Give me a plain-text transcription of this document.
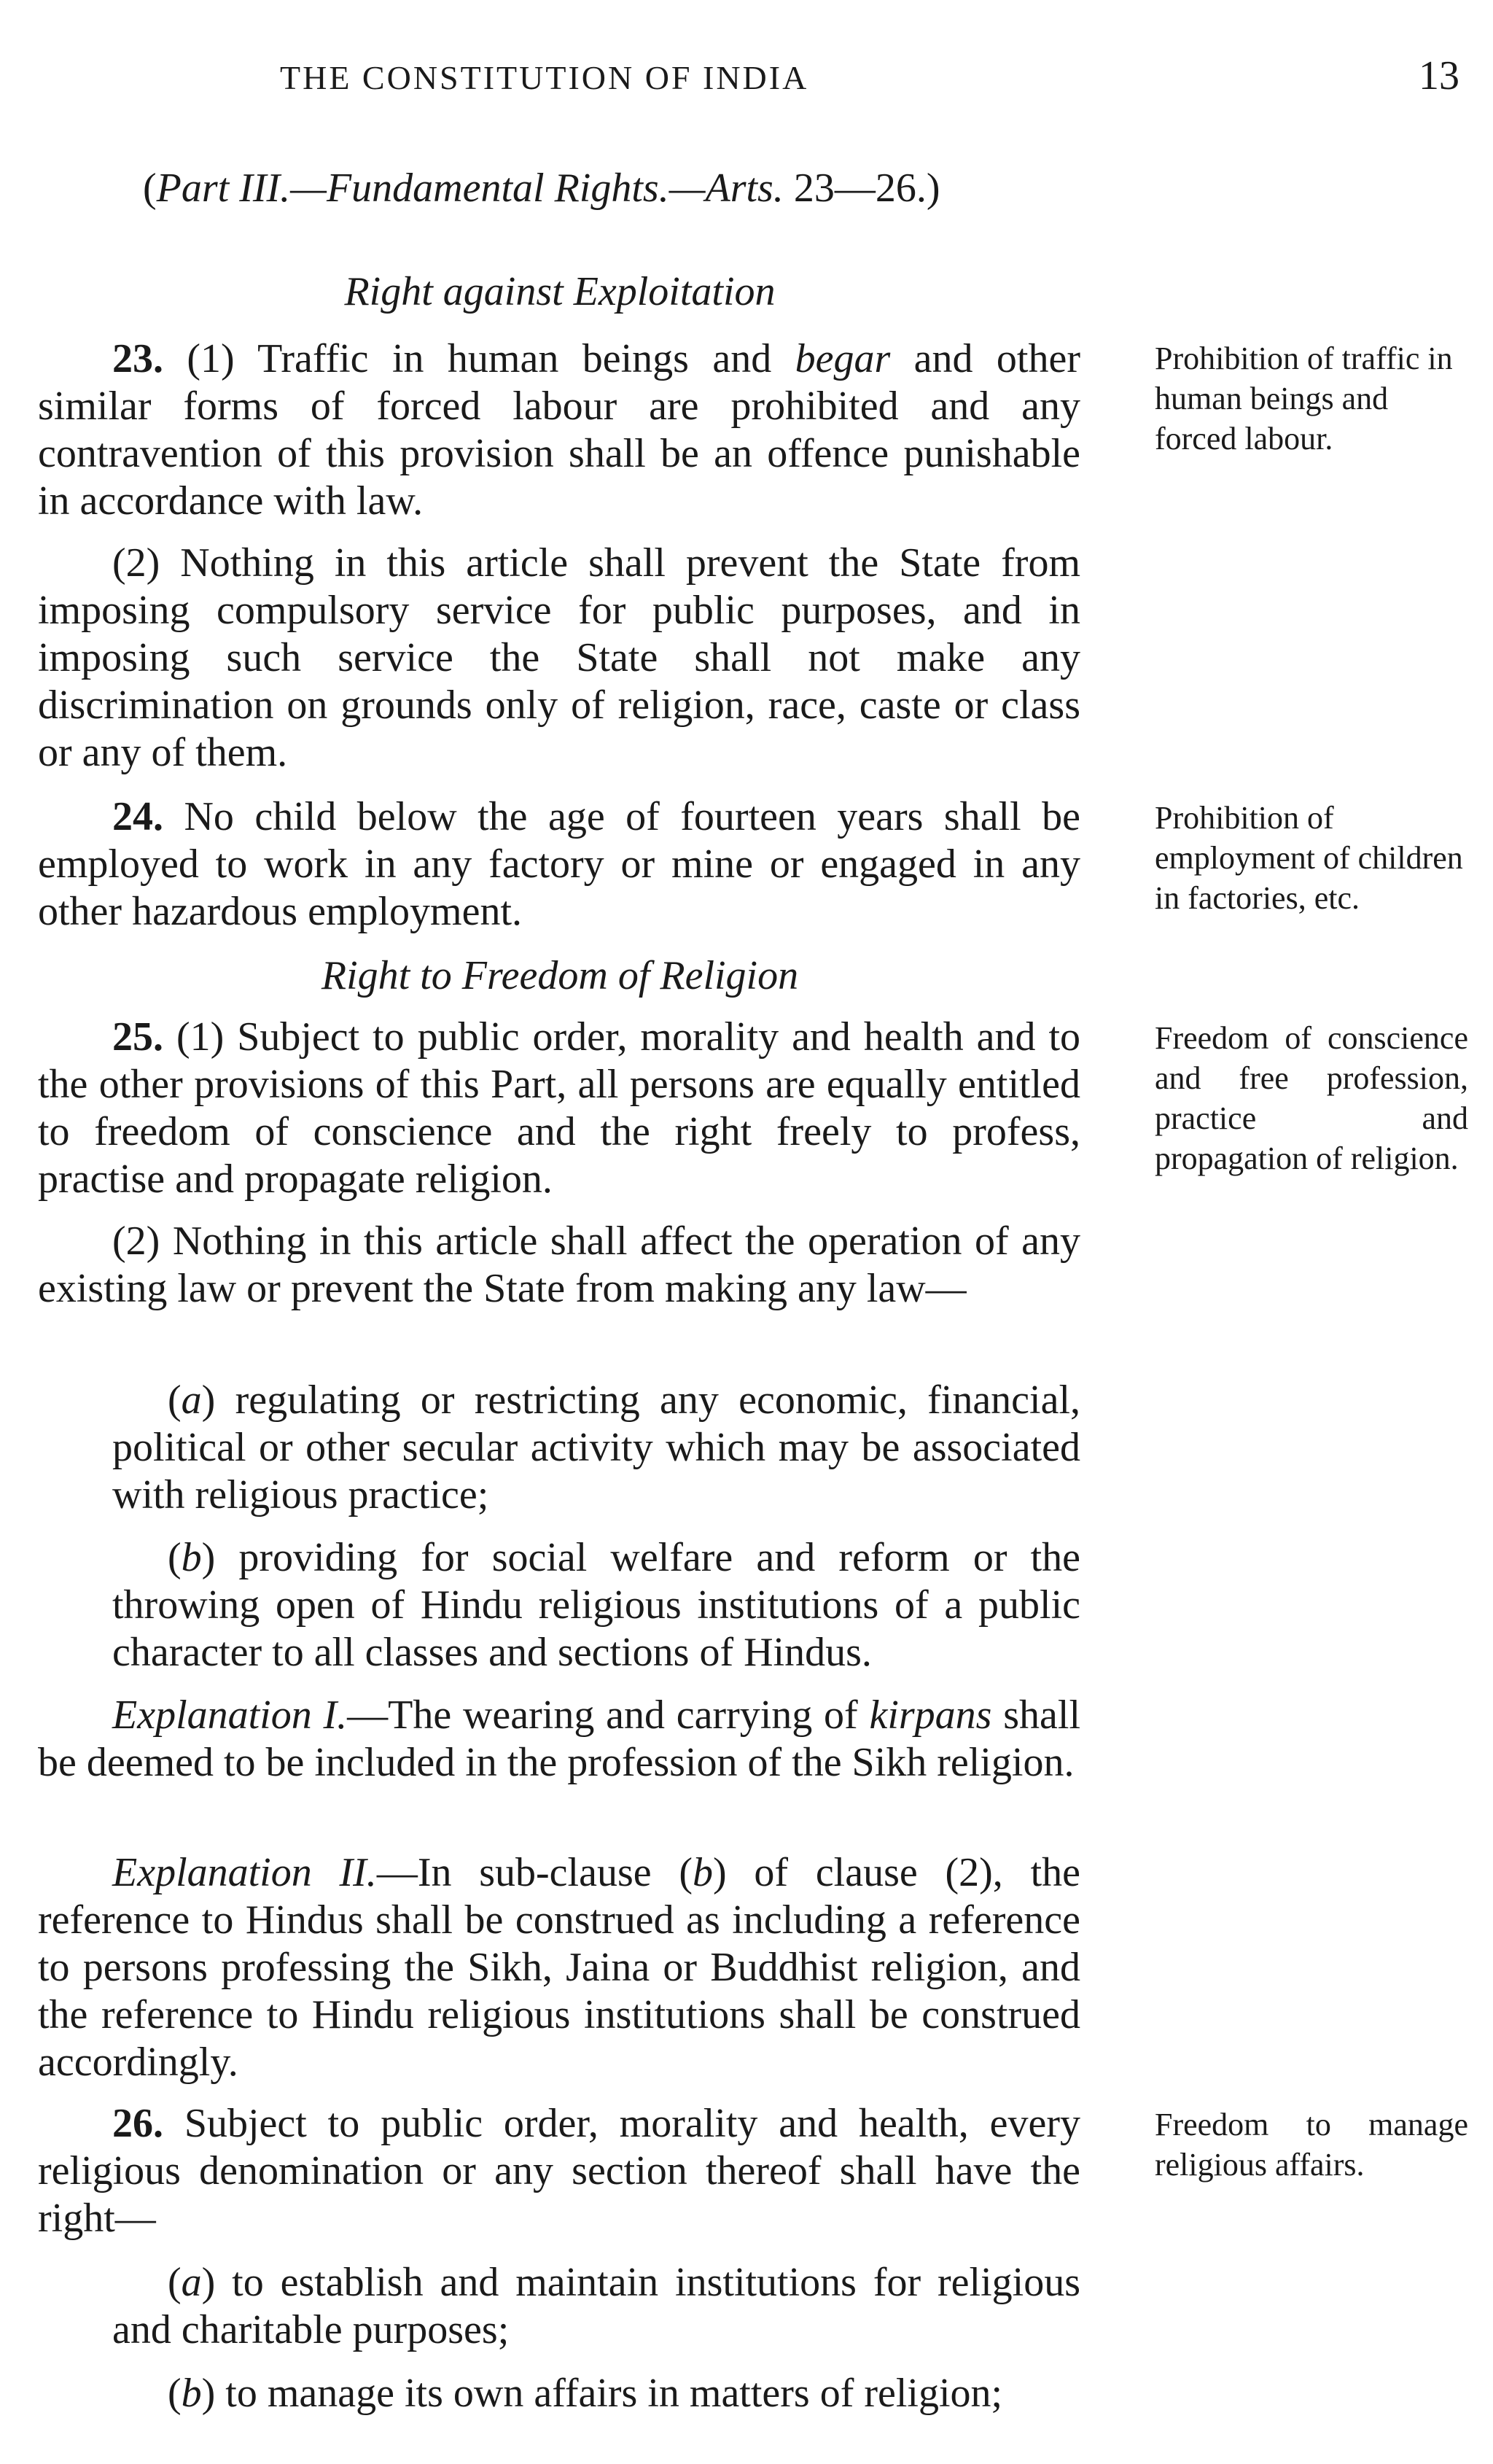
THE CONSTITUTION OF INDIA	13
(Part III.—Fundamental Rights.—Arts. 23—26.)
Right against Exploitation
23. (1) Traffic in human beings and begar and other similar forms of forced labour are prohibited and any contravention of this provision shall be an offence punishable in accordance with law.
Prohibition of traffic in human beings and forced labour.
(2) Nothing in this article shall prevent the State from imposing compulsory service for public purposes, and in imposing such service the State shall not make any discrimination on grounds only of religion, race, caste or class or any of them.
24. No child below the age of fourteen years shall be employed to work in any factory or mine or engaged in any other hazardous employment.
Prohibition of employment of children in factories, etc.
Right to Freedom of Religion
25. (1) Subject to public order, morality and health and to the other provisions of this Part, all persons are equally entitled to freedom of conscience and the right freely to profess, practise and propagate religion.
Freedom of conscience and free profession, practice and propagation of religion.
(2) Nothing in this article shall affect the operation of any existing law or prevent the State from making any law—
(a) regulating or restricting any economic, financial, political or other secular activity which may be associated with religious practice;
(b) providing for social welfare and reform or the throwing open of Hindu religious institutions of a public character to all classes and sections of Hindus.
Explanation I.—The wearing and carrying of kirpans shall be deemed to be included in the profession of the Sikh religion.
Explanation II.—In sub-clause (b) of clause (2), the reference to Hindus shall be construed as including a reference to persons professing the Sikh, Jaina or Buddhist religion, and the reference to Hindu religious institutions shall be construed accordingly.
26. Subject to public order, morality and health, every religious denomination or any section thereof shall have the right—
Freedom to manage religious affairs.
(a) to establish and maintain institutions for religious and charitable purposes;
(b) to manage its own affairs in matters of religion;
